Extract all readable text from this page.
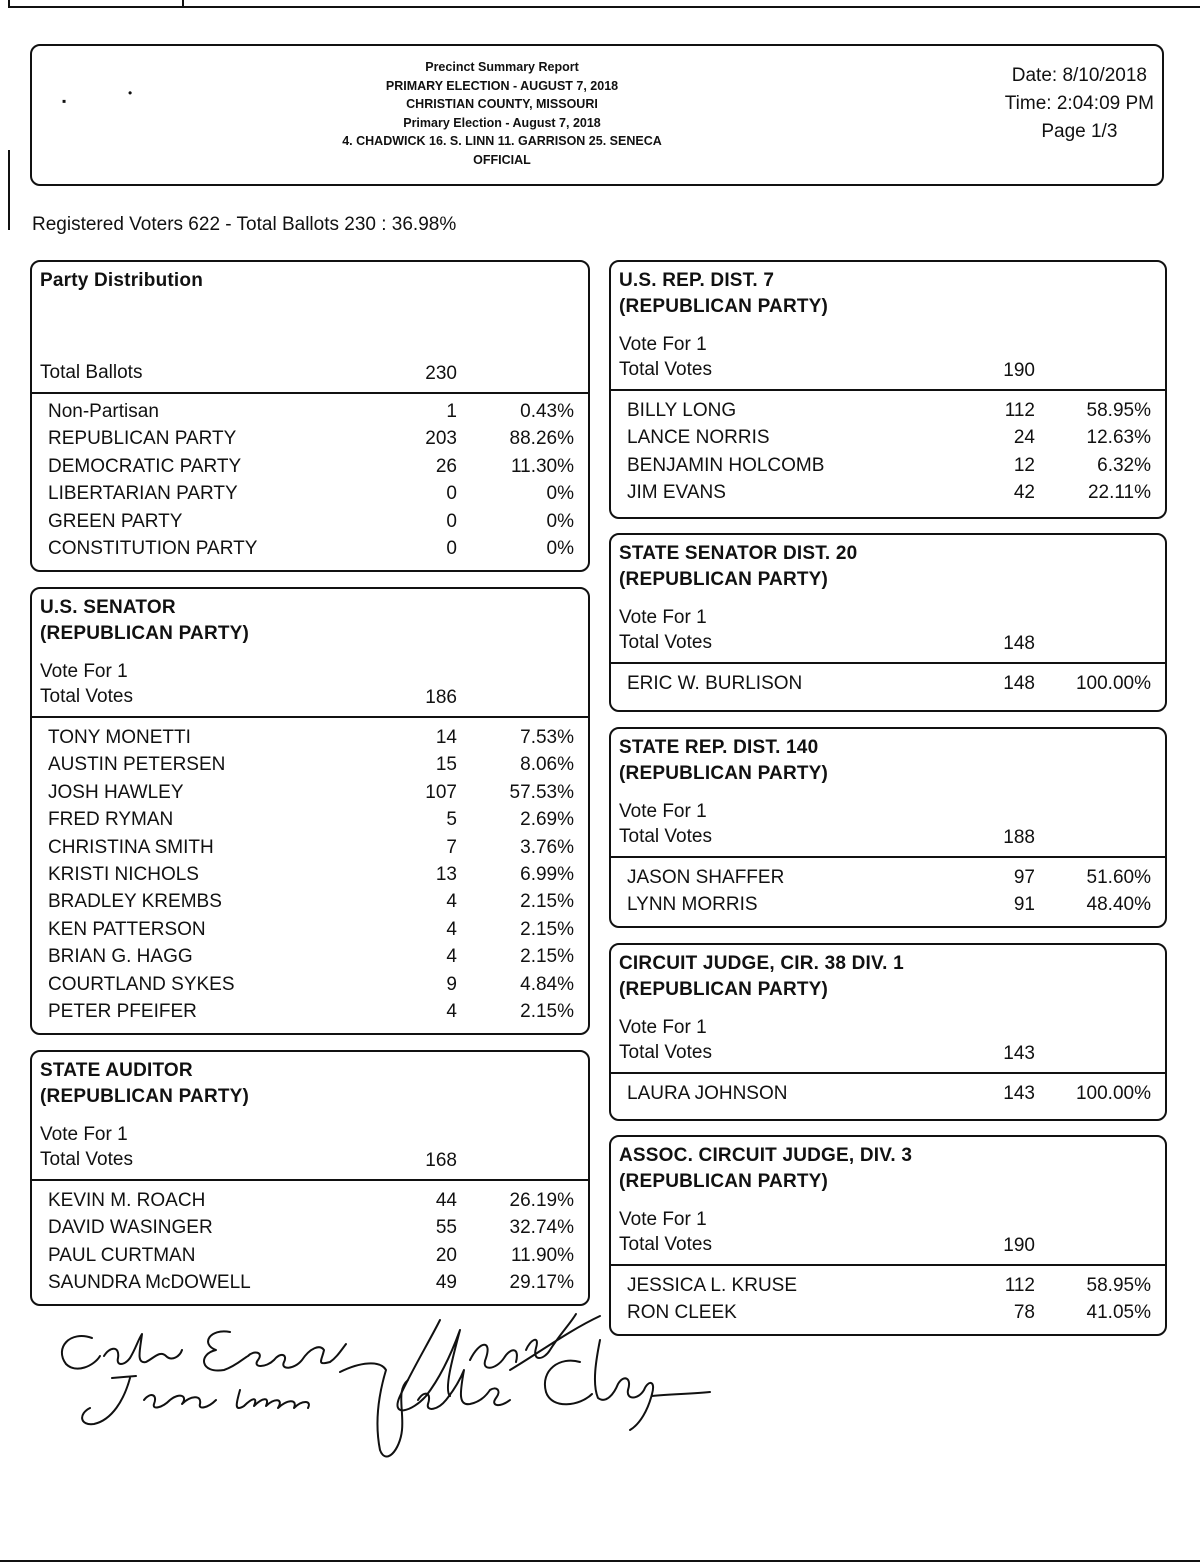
▪
•
Precinct Summary Report
PRIMARY ELECTION - AUGUST 7, 2018
CHRISTIAN COUNTY, MISSOURI
Primary Election - August 7, 2018
4. CHADWICK 16. S. LINN 11. GARRISON 25. SENECA
OFFICIAL
Date: 8/10/2018
Time: 2:04:09 PM
Page 1/3
Registered Voters 622 - Total Ballots 230 : 36.98%
Party Distribution
Total Ballots	230
Non-Partisan	1	0.43%
REPUBLICAN PARTY	203	88.26%
DEMOCRATIC PARTY	26	11.30%
LIBERTARIAN PARTY	0	0%
GREEN PARTY	0	0%
CONSTITUTION PARTY	0	0%
U.S. SENATOR
(REPUBLICAN PARTY)
Vote For 1
Total Votes	186
TONY MONETTI	14	7.53%
AUSTIN PETERSEN	15	8.06%
JOSH HAWLEY	107	57.53%
FRED RYMAN	5	2.69%
CHRISTINA SMITH	7	3.76%
KRISTI NICHOLS	13	6.99%
BRADLEY KREMBS	4	2.15%
KEN PATTERSON	4	2.15%
BRIAN G. HAGG	4	2.15%
COURTLAND SYKES	9	4.84%
PETER PFEIFER	4	2.15%
STATE AUDITOR
(REPUBLICAN PARTY)
Vote For 1
Total Votes	168
KEVIN M. ROACH	44	26.19%
DAVID WASINGER	55	32.74%
PAUL CURTMAN	20	11.90%
SAUNDRA McDOWELL	49	29.17%
U.S. REP. DIST. 7
(REPUBLICAN PARTY)
Vote For 1
Total Votes	190
BILLY LONG	112	58.95%
LANCE NORRIS	24	12.63%
BENJAMIN HOLCOMB	12	6.32%
JIM EVANS	42	22.11%
STATE SENATOR DIST. 20
(REPUBLICAN PARTY)
Vote For 1
Total Votes	148
ERIC W. BURLISON	148	100.00%
STATE REP. DIST. 140
(REPUBLICAN PARTY)
Vote For 1
Total Votes	188
JASON SHAFFER	97	51.60%
LYNN MORRIS	91	48.40%
CIRCUIT JUDGE, CIR. 38 DIV. 1
(REPUBLICAN PARTY)
Vote For 1
Total Votes	143
LAURA JOHNSON	143	100.00%
ASSOC. CIRCUIT JUDGE, DIV. 3
(REPUBLICAN PARTY)
Vote For 1
Total Votes	190
JESSICA L. KRUSE	112	58.95%
RON CLEEK	78	41.05%
